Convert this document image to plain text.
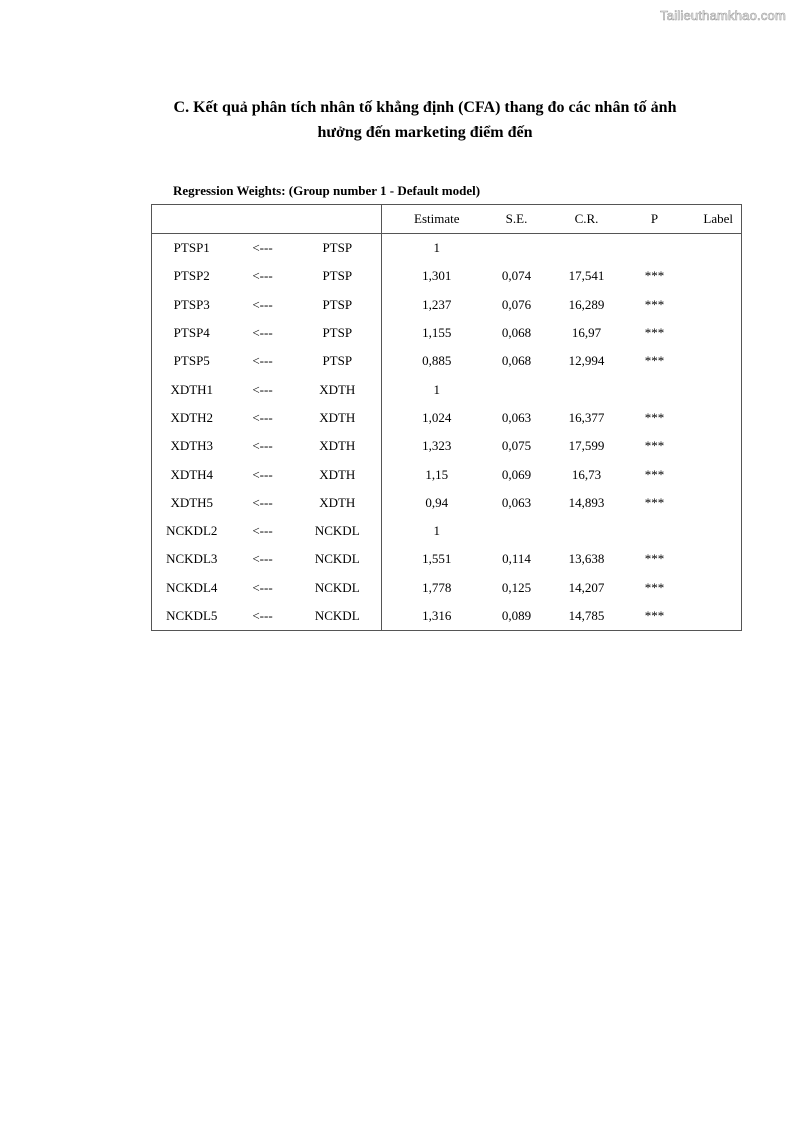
Tailieuthamkhao.com
C. Kết quả phân tích nhân tố khẳng định (CFA) thang đo các nhân tố ảnh
hưởng đến marketing điểm đến
Regression Weights: (Group number 1 - Default model)
			Estimate	S.E.	C.R.	P	Label
PTSP1	<---	PTSP	1				
PTSP2	<---	PTSP	1,301	0,074	17,541	***	
PTSP3	<---	PTSP	1,237	0,076	16,289	***	
PTSP4	<---	PTSP	1,155	0,068	16,97	***	
PTSP5	<---	PTSP	0,885	0,068	12,994	***	
XDTH1	<---	XDTH	1				
XDTH2	<---	XDTH	1,024	0,063	16,377	***	
XDTH3	<---	XDTH	1,323	0,075	17,599	***	
XDTH4	<---	XDTH	1,15	0,069	16,73	***	
XDTH5	<---	XDTH	0,94	0,063	14,893	***	
NCKDL2	<---	NCKDL	1				
NCKDL3	<---	NCKDL	1,551	0,114	13,638	***	
NCKDL4	<---	NCKDL	1,778	0,125	14,207	***	
NCKDL5	<---	NCKDL	1,316	0,089	14,785	***	
